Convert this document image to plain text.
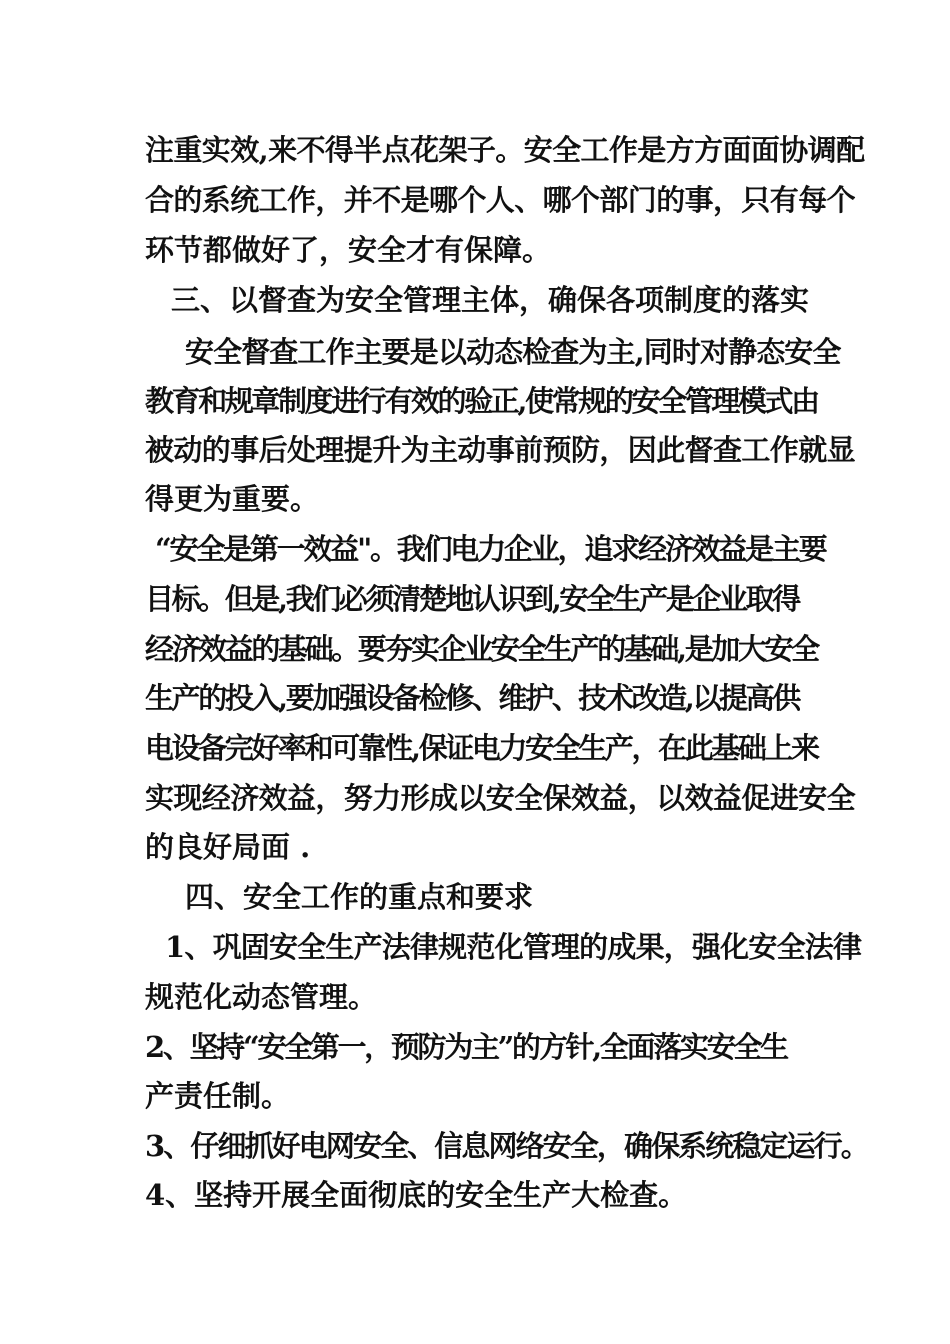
注重实效,来不得半点花架子。安全工作是方方面面协调配
合的系统工作，并不是哪个人、哪个部门的事，只有每个
环节都做好了，安全才有保障。
三、以督查为安全管理主体，确保各项制度的落实
安全督查工作主要是以动态检查为主,同时对静态安全
教育和规章制度进行有效的验正,使常规的安全管理模式由
被动的事后处理提升为主动事前预防，因此督查工作就显
得更为重要。
“安全是第一效益"。我们电力企业，追求经济效益是主要
目标。但是,我们必须清楚地认识到,安全生产是企业取得
经济效益的基础。要夯实企业安全生产的基础,是加大安全
生产的投入,要加强设备检修、维护、技术改造,以提高供
电设备完好率和可靠性,保证电力安全生产，在此基础上来
实现经济效益，努力形成以安全保效益，以效益促进安全
的良好局面 .
四、安全工作的重点和要求
1、巩固安全生产法律规范化管理的成果，强化安全法律
规范化动态管理。
2、坚持“安全第一，预防为主”的方针,全面落实安全生
产责任制。
3、仔细抓好电网安全、信息网络安全，确保系统稳定运行。
4、坚持开展全面彻底的安全生产大检查。
